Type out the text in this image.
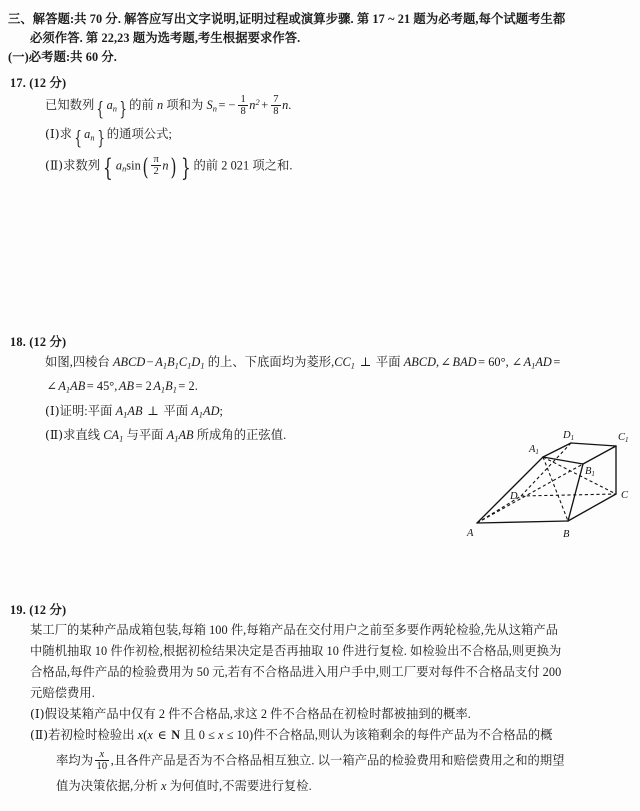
三、解答题:共 70 分. 解答应写出文字说明,证明过程或演算步骤. 第 17 ~ 21 题为必考题,每个试题考生都
必须作答. 第 22,23 题为选考题,考生根据要求作答.
(一)必考题:共 60 分.
17. (12 分)
已知数列 { $a_n$ } 的前 n 项和为 $S_n$ = − $\frac{1}{8} n^2 + \frac{7}{8} n$.
(Ⅰ)求 { $a_n$ } 的通项公式;
(Ⅱ)求数列 { $a_n\sin( \frac{\pi}{2} n)$ } 的前 2 021 项之和.
18. (12 分)
如图,四棱台 ABCD − $A_1B_1C_1D_1$ 的上、下底面均为菱形$,CC_1$ ⊥ 平面 ABCD, ∠ BAD = 60°, ∠ $A_1AD$ =
∠ $A_1AB = 45^\circ$, AB = 2 $A_1B_1 = 2$.
(Ⅰ)证明:平面 $A_1AB$ ⊥ 平面 $A_1AD$;
(Ⅱ)求直线 $CA_1$ 与平面 $A_1AB$ 所成角的正弦值.
A	B
C
D
A1
B1
C1
D1
19. (12 分)
某工厂的某种产品成箱包装,每箱 100 件,每箱产品在交付用户之前至多要作两轮检验,先从这箱产品
中随机抽取 10 件作初检,根据初检结果决定是否再抽取 10 件进行复检. 如检验出不合格品,则更换为
合格品,每件产品的检验费用为 50 元,若有不合格品进入用户手中,则工厂要对每件不合格品支付 200
元赔偿费用.
(Ⅰ)假设某箱产品中仅有 2 件不合格品,求这 2 件不合格品在初检时都被抽到的概率.
(Ⅱ)若初检时检验出 x(x ∈ N 且 0 ≤ x ≤ 10)件不合格品,则认为该箱剩余的每件产品为不合格品的概
率均为 $\frac{x}{10}$ ,且各件产品是否为不合格品相互独立. 以一箱产品的检验费用和赔偿费用之和的期望
值为决策依据,分析 x 为何值时,不需要进行复检.
